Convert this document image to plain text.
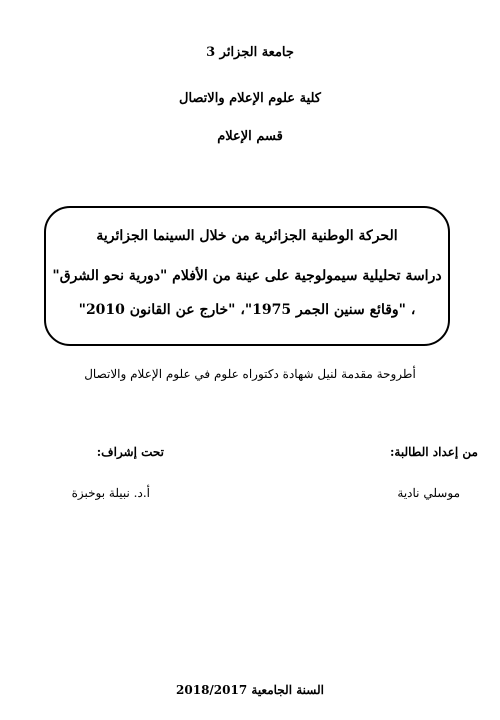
جامعة الجزائر 3
كلية علوم الإعلام والاتصال
قسم الإعلام
الحركة الوطنية الجزائرية من خلال السينما الجزائرية
دراسة تحليلية سيمولوجية على عينة من الأفلام "دورية نحو الشرق"
، "وقائع سنين الجمر 1975"، "خارج عن القانون 2010"
أطروحة مقدمة لنيل شهادة دكتوراه علوم في علوم الإعلام والاتصال
من إعداد الطالبة:
موسلي نادية
تحت إشراف:
أ.د. نبيلة بوخبزة
السنة الجامعية 2018/2017
